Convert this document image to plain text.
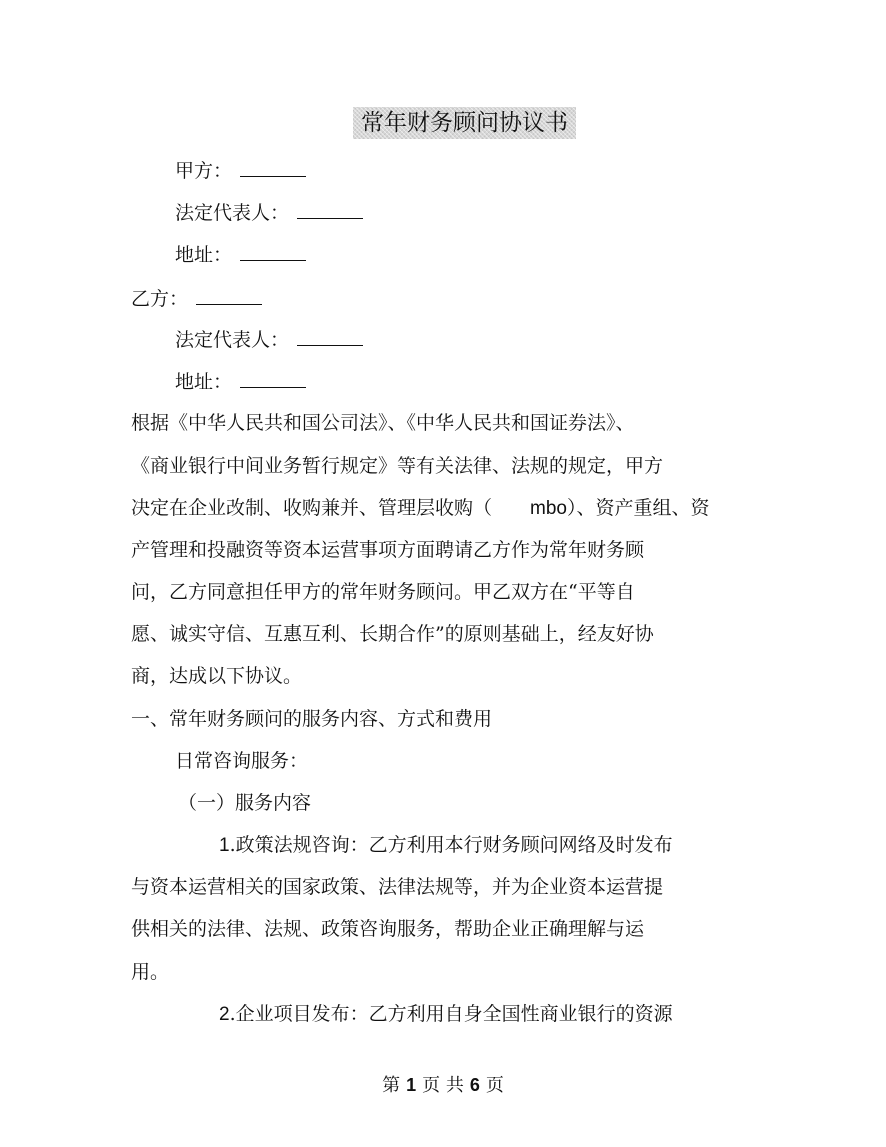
常年财务顾问协议书
甲方：
法定代表人：
地址：
乙方：
法定代表人：
地址：
根据《中华人民共和国公司法》、《中华人民共和国证券法》、
《商业银行中间业务暂行规定》等有关法律、法规的规定，甲方
决定在企业改制、收购兼并、管理层收购（ mbo）、资产重组、资
产管理和投融资等资本运营事项方面聘请乙方作为常年财务顾
问，乙方同意担任甲方的常年财务顾问。甲乙双方在“平等自
愿、诚实守信、互惠互利、长期合作”的原则基础上，经友好协
商，达成以下协议。
一、常年财务顾问的服务内容、方式和费用
日常咨询服务：
（一）服务内容
1.政策法规咨询：乙方利用本行财务顾问网络及时发布
与资本运营相关的国家政策、法律法规等，并为企业资本运营提
供相关的法律、法规、政策咨询服务，帮助企业正确理解与运
用。
2.企业项目发布：乙方利用自身全国性商业银行的资源
第 1 页 共 6 页
